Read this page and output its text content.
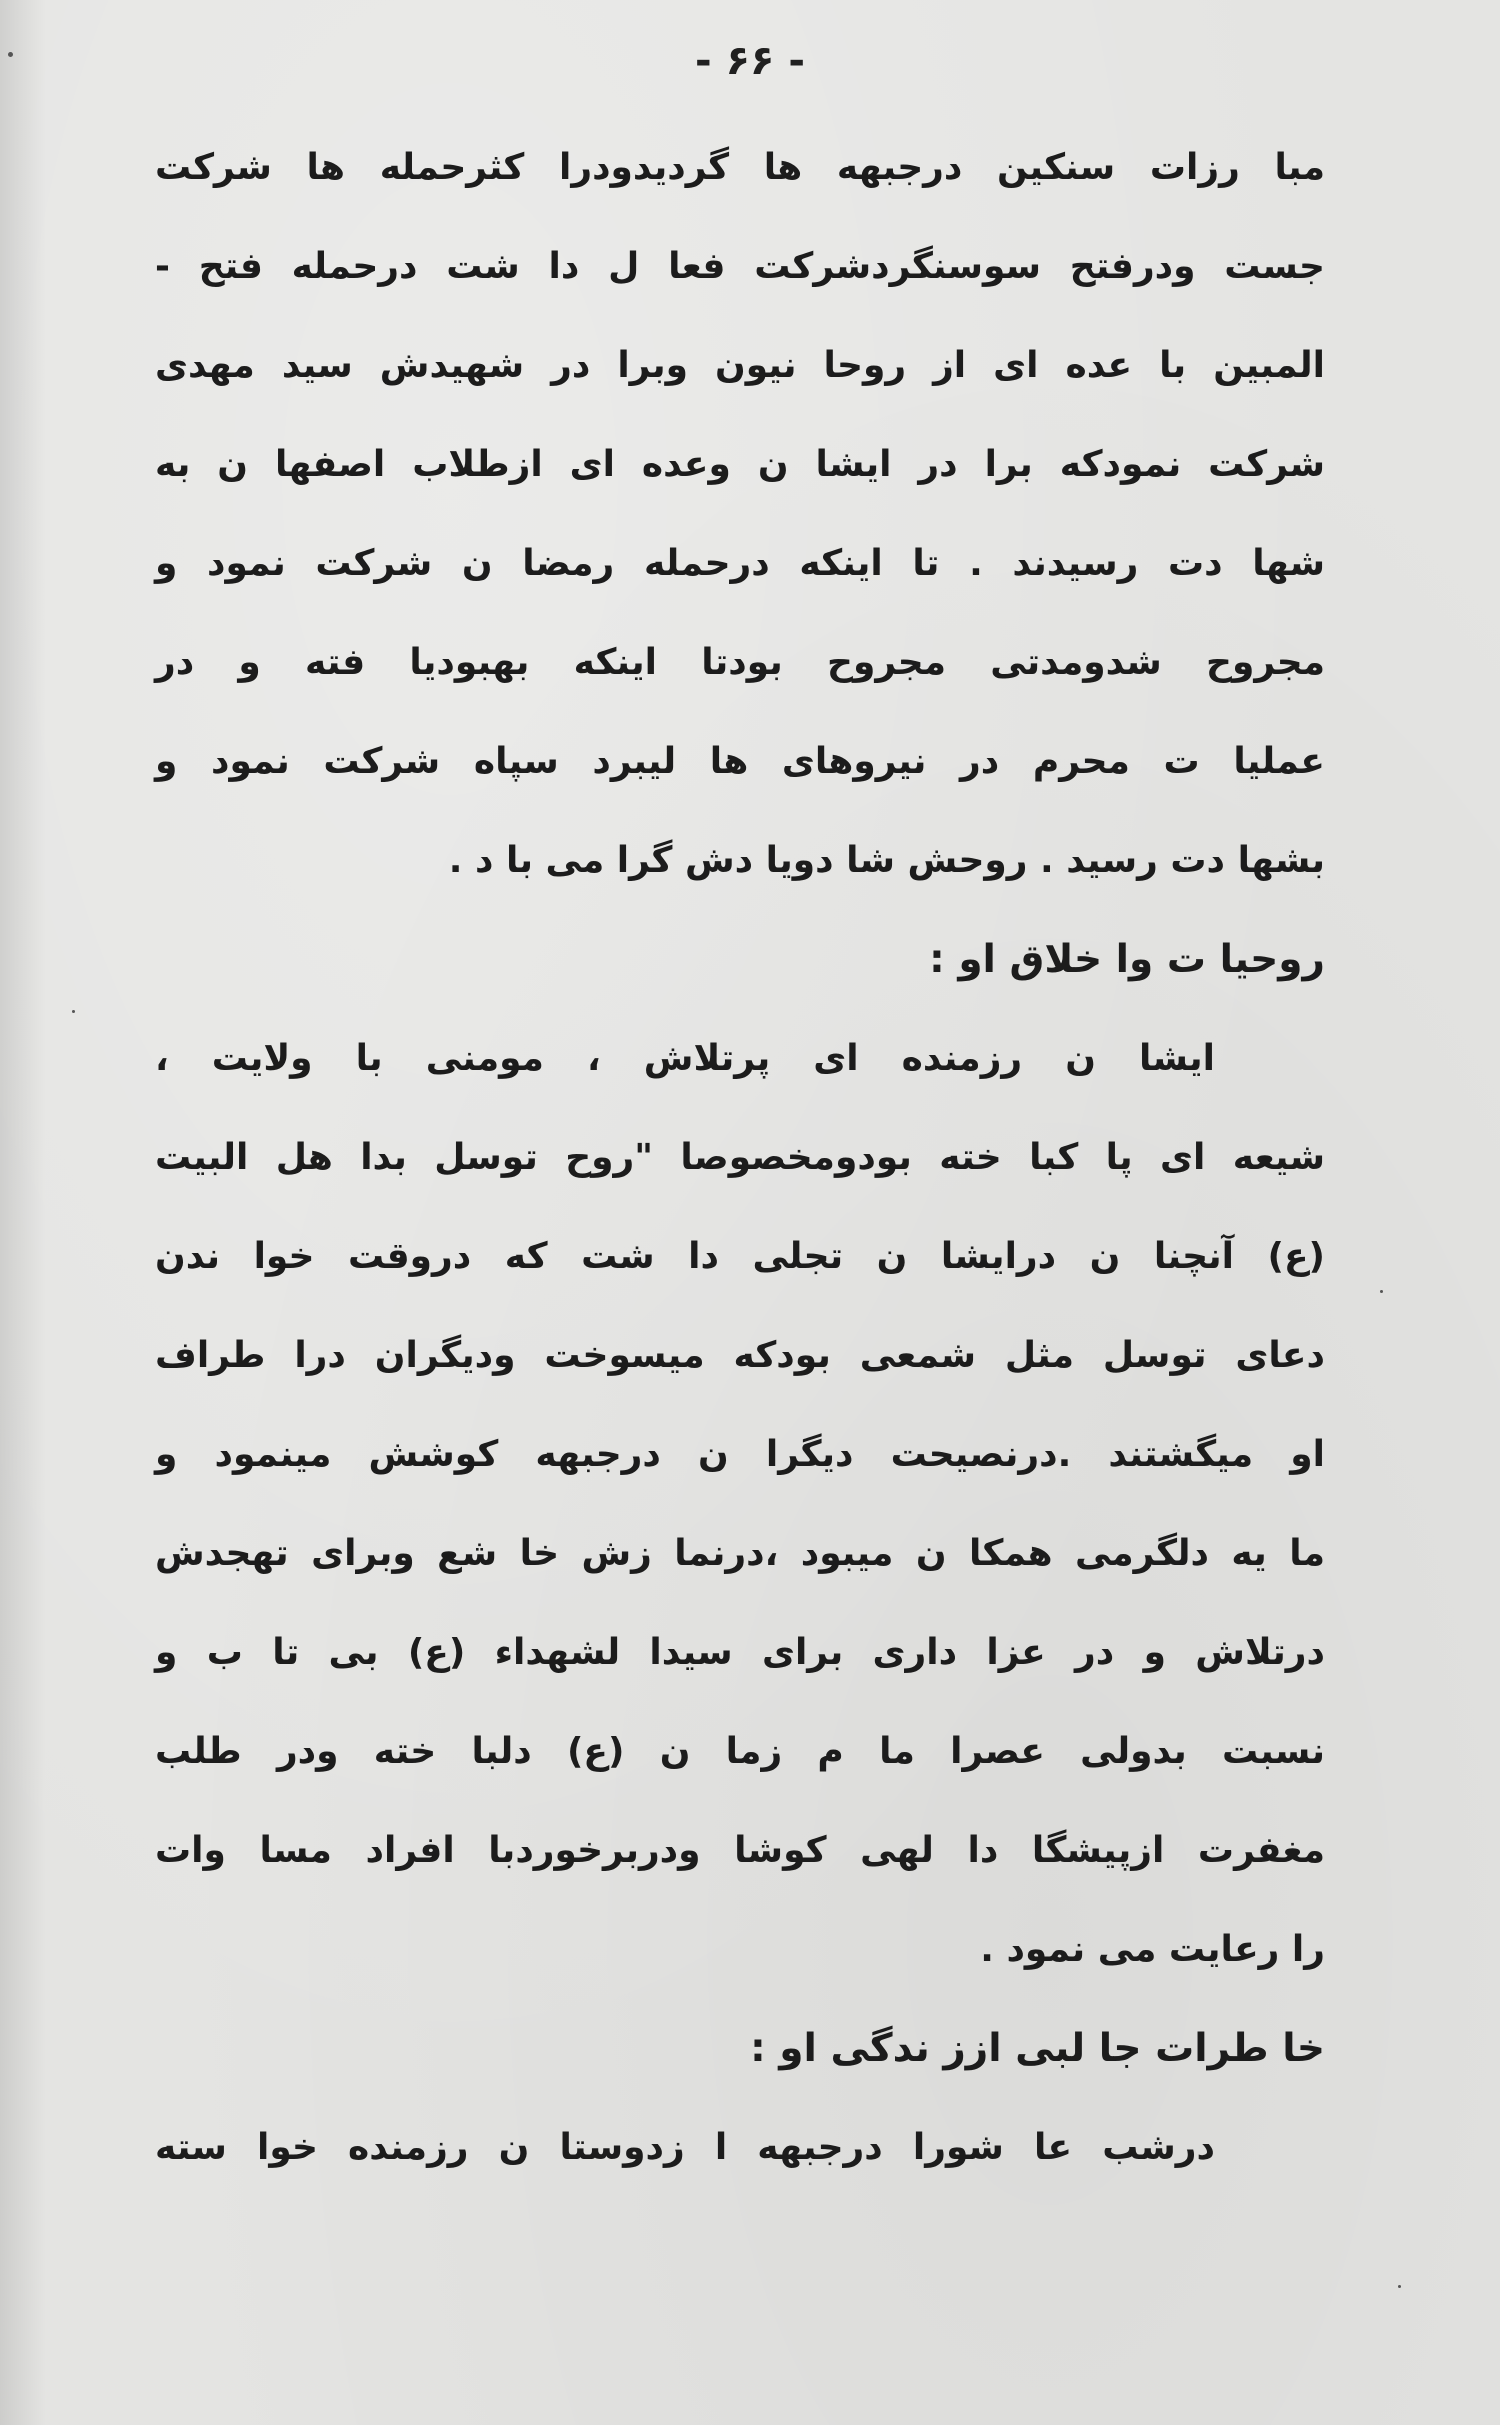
- ۶۶ -
مبا رزات سنکین درجبهه ها گردیدودرا کثرحمله ها شرکت
جست ودرفتح سوسنگردشرکت فعا ل دا شت درحمله فتح -
المبین با عده ای از روحا نیون وبرا در شهیدش سید مهدی
شرکت نمودکه برا در ایشا ن وعده ای ازطلاب اصفها ن به
شها دت رسیدند . تا اینکه درحمله رمضا ن شرکت نمود و
مجروح شدومدتی مجروح بودتا اینکه بهبودیا فته و در
عملیا ت محرم در نیروهای ها لیبرد سپاه شرکت نمود و
بشها دت رسید . روحش شا دویا دش گرا می با د .
روحیا ت وا خلاق او :
ایشا ن رزمنده ای پرتلاش ، مومنی با ولایت ،
شیعه ای پا کبا خته بودومخصوصا "روح توسل بدا هل البیت
(ع) آنچنا ن درایشا ن تجلی دا شت که دروقت خوا ندن
دعای توسل مثل شمعی بودکه میسوخت ودیگران درا طراف
او میگشتند .درنصیحت دیگرا ن درجبهه کوشش مینمود و
ما یه دلگرمی همکا ن میبود ،درنما زش خا شع وبرای تهجدش
درتلاش و در عزا داری برای سیدا لشهداء (ع) بی تا ب و
نسبت بدولی عصرا ما م زما ن (ع) دلبا خته ودر طلب
مغفرت ازپیشگا دا لهی کوشا ودربرخوردبا افراد مسا وات
را رعایت می نمود .
خا طرات جا لبی ازز ندگی او :
درشب عا شورا درجبهه ا زدوستا ن رزمنده خوا سته
